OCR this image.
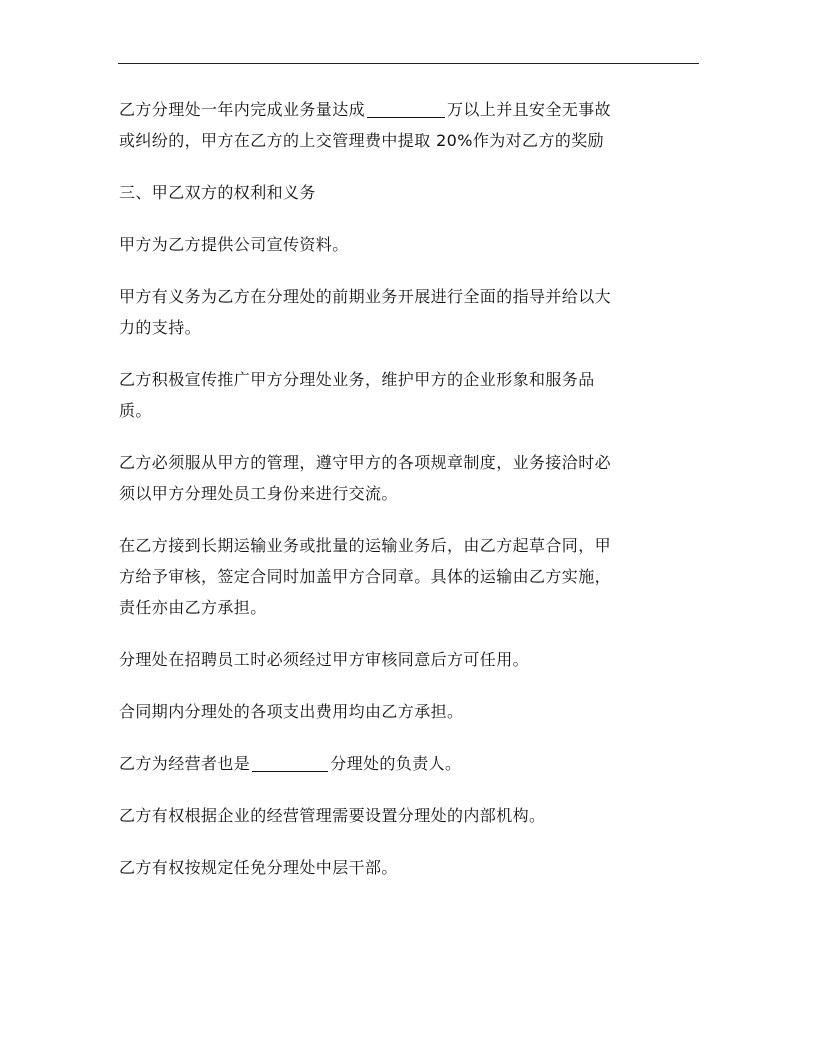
乙方分理处一年内完成业务量达成	万以上并且安全无事故
或纠纷的，甲方在乙方的上交管理费中提取 20%作为对乙方的奖励

三、甲乙双方的权利和义务

甲方为乙方提供公司宣传资料。

甲方有义务为乙方在分理处的前期业务开展进行全面的指导并给以大
力的支持。

乙方积极宣传推广甲方分理处业务，维护甲方的企业形象和服务品
质。

乙方必须服从甲方的管理，遵守甲方的各项规章制度，业务接洽时必
须以甲方分理处员工身份来进行交流。

在乙方接到长期运输业务或批量的运输业务后，由乙方起草合同，甲
方给予审核，签定合同时加盖甲方合同章。具体的运输由乙方实施，
责任亦由乙方承担。

分理处在招聘员工时必须经过甲方审核同意后方可任用。

合同期内分理处的各项支出费用均由乙方承担。

乙方为经营者也是	分理处的负责人。

乙方有权根据企业的经营管理需要设置分理处的内部机构。

乙方有权按规定任免分理处中层干部。
